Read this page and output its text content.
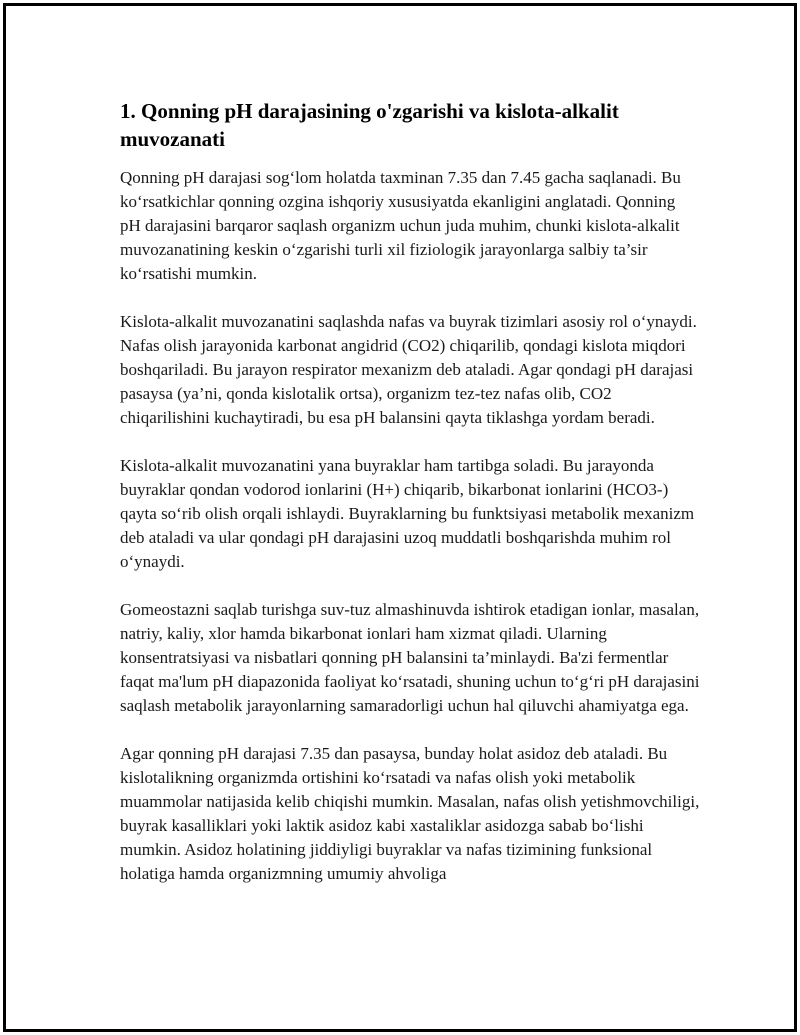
1. Qonning pH darajasining o'zgarishi va kislota-alkalit muvozanati

Qonning pH darajasi sog‘lom holatda taxminan 7.35 dan 7.45 gacha saqlanadi. Bu ko‘rsatkichlar qonning ozgina ishqoriy xususiyatda ekanligini anglatadi. Qonning pH darajasini barqaror saqlash organizm uchun juda muhim, chunki kislota-alkalit muvozanatining keskin o‘zgarishi turli xil fiziologik jarayonlarga salbiy ta’sir ko‘rsatishi mumkin.

Kislota-alkalit muvozanatini saqlashda nafas va buyrak tizimlari asosiy rol o‘ynaydi. Nafas olish jarayonida karbonat angidrid (CO2) chiqarilib, qondagi kislota miqdori boshqariladi. Bu jarayon respirator mexanizm deb ataladi. Agar qondagi pH darajasi pasaysa (ya’ni, qonda kislotalik ortsa), organizm tez-tez nafas olib, CO2 chiqarilishini kuchaytiradi, bu esa pH balansini qayta tiklashga yordam beradi.

Kislota-alkalit muvozanatini yana buyraklar ham tartibga soladi. Bu jarayonda buyraklar qondan vodorod ionlarini (H+) chiqarib, bikarbonat ionlarini (HCO3-) qayta so‘rib olish orqali ishlaydi. Buyraklarning bu funktsiyasi metabolik mexanizm deb ataladi va ular qondagi pH darajasini uzoq muddatli boshqarishda muhim rol o‘ynaydi.

Gomeostazni saqlab turishga suv-tuz almashinuvda ishtirok etadigan ionlar, masalan, natriy, kaliy, xlor hamda bikarbonat ionlari ham xizmat qiladi. Ularning konsentratsiyasi va nisbatlari qonning pH balansini ta’minlaydi. Ba'zi fermentlar faqat ma'lum pH diapazonida faoliyat ko‘rsatadi, shuning uchun to‘g‘ri pH darajasini saqlash metabolik jarayonlarning samaradorligi uchun hal qiluvchi ahamiyatga ega.

Agar qonning pH darajasi 7.35 dan pasaysa, bunday holat asidoz deb ataladi. Bu kislotalikning organizmda ortishini ko‘rsatadi va nafas olish yoki metabolik muammolar natijasida kelib chiqishi mumkin. Masalan, nafas olish yetishmovchiligi, buyrak kasalliklari yoki laktik asidoz kabi xastaliklar asidozga sabab bo‘lishi mumkin. Asidoz holatining jiddiyligi buyraklar va nafas tizimining funksional holatiga hamda organizmning umumiy ahvoliga
